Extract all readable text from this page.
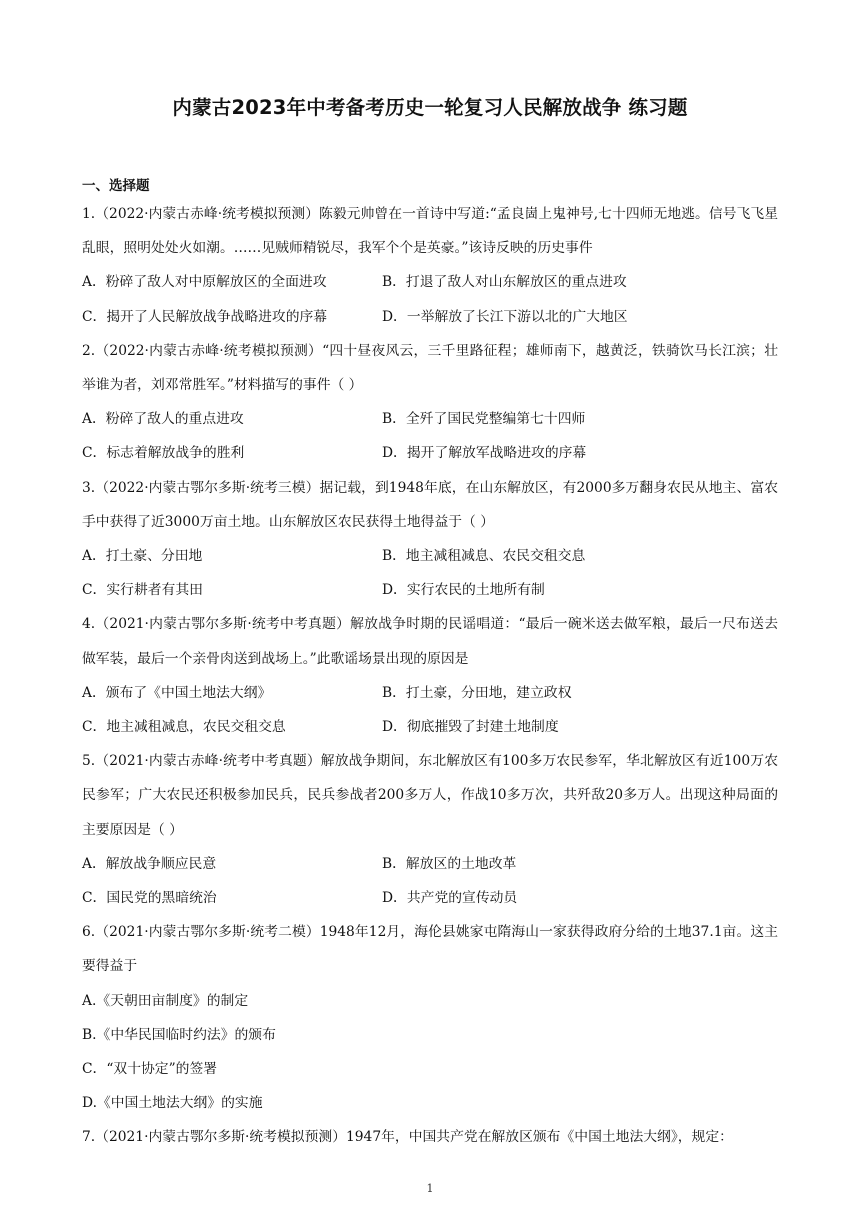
内蒙古2023年中考备考历史一轮复习人民解放战争 练习题
一、选择题
1.（2022·内蒙古赤峰·统考模拟预测）陈毅元帅曾在一首诗中写道:“孟良崮上鬼神号,七十四师无地逃。信号飞飞星乱眼，照明处处火如潮。……见贼师精锐尽，我军个个是英豪。”该诗反映的历史事件
A．粉碎了敌人对中原解放区的全面进攻	B．打退了敌人对山东解放区的重点进攻
C．揭开了人民解放战争战略进攻的序幕	D．一举解放了长江下游以北的广大地区
2.（2022·内蒙古赤峰·统考模拟预测）“四十昼夜风云，三千里路征程；雄师南下，越黄泛，铁骑饮马长江滨；壮举谁为者，刘邓常胜军。”材料描写的事件（ ）
A．粉碎了敌人的重点进攻	B．全歼了国民党整编第七十四师
C．标志着解放战争的胜利	D．揭开了解放军战略进攻的序幕
3.（2022·内蒙古鄂尔多斯·统考三模）据记载，到1948年底，在山东解放区，有2000多万翻身农民从地主、富农手中获得了近3000万亩土地。山东解放区农民获得土地得益于（ ）
A．打土豪、分田地	B．地主减租减息、农民交租交息
C．实行耕者有其田	D．实行农民的土地所有制
4.（2021·内蒙古鄂尔多斯·统考中考真题）解放战争时期的民谣唱道：“最后一碗米送去做军粮，最后一尺布送去做军装，最后一个亲骨肉送到战场上。”此歌谣场景出现的原因是
A．颁布了《中国土地法大纲》	B．打土豪，分田地，建立政权
C．地主减租减息，农民交租交息	D．彻底摧毁了封建土地制度
5.（2021·内蒙古赤峰·统考中考真题）解放战争期间，东北解放区有100多万农民参军，华北解放区有近100万农民参军；广大农民还积极参加民兵，民兵参战者200多万人，作战10多万次，共歼敌20多万人。出现这种局面的主要原因是（ ）
A．解放战争顺应民意	B．解放区的土地改革
C．国民党的黑暗统治	D．共产党的宣传动员
6.（2021·内蒙古鄂尔多斯·统考二模）1948年12月，海伦县姚家屯隋海山一家获得政府分给的土地37.1亩。这主要得益于
A.《天朝田亩制度》的制定
B.《中华民国临时约法》的颁布
C．“双十协定”的签署
D.《中国土地法大纲》的实施
7.（2021·内蒙古鄂尔多斯·统考模拟预测）1947年，中国共产党在解放区颁布《中国土地法大纲》，规定：
1
